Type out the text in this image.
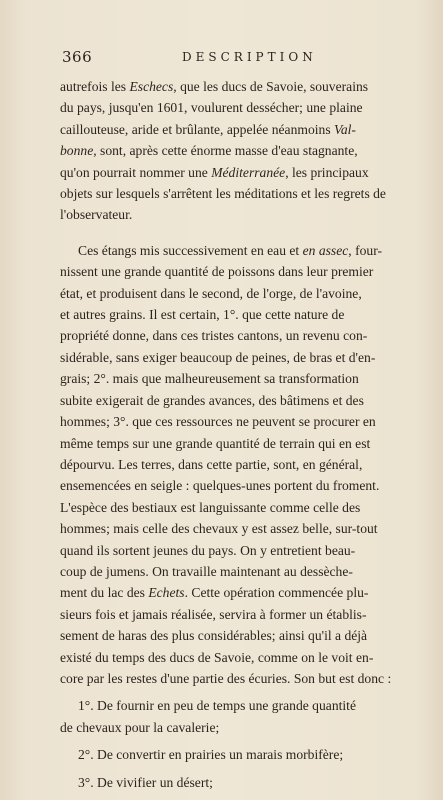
366	DESCRIPTION
autrefois les Eschecs, que les ducs de Savoie, souverains
du pays, jusqu'en 1601, voulurent dessécher; une plaine
caillouteuse, aride et brûlante, appelée néanmoins Val-
bonne, sont, après cette énorme masse d'eau stagnante,
qu'on pourrait nommer une Méditerranée, les principaux
objets sur lesquels s'arrêtent les méditations et les regrets de
l'observateur.
Ces étangs mis successivement en eau et en assec, four-
nissent une grande quantité de poissons dans leur premier
état, et produisent dans le second, de l'orge, de l'avoine,
et autres grains. Il est certain, 1°. que cette nature de
propriété donne, dans ces tristes cantons, un revenu con-
sidérable, sans exiger beaucoup de peines, de bras et d'en-
grais; 2°. mais que malheureusement sa transformation
subite exigerait de grandes avances, des bâtimens et des
hommes; 3°. que ces ressources ne peuvent se procurer en
même temps sur une grande quantité de terrain qui en est
dépourvu. Les terres, dans cette partie, sont, en général,
ensemencées en seigle : quelques-unes portent du froment.
L'espèce des bestiaux est languissante comme celle des
hommes; mais celle des chevaux y est assez belle, sur-tout
quand ils sortent jeunes du pays. On y entretient beau-
coup de jumens. On travaille maintenant au dessèche-
ment du lac des Echets. Cette opération commencée plu-
sieurs fois et jamais réalisée, servira à former un établis-
sement de haras des plus considérables; ainsi qu'il a déjà
existé du temps des ducs de Savoie, comme on le voit en-
core par les restes d'une partie des écuries. Son but est donc :
1°. De fournir en peu de temps une grande quantité
de chevaux pour la cavalerie;
2°. De convertir en prairies un marais morbifère;
3°. De vivifier un désert;
